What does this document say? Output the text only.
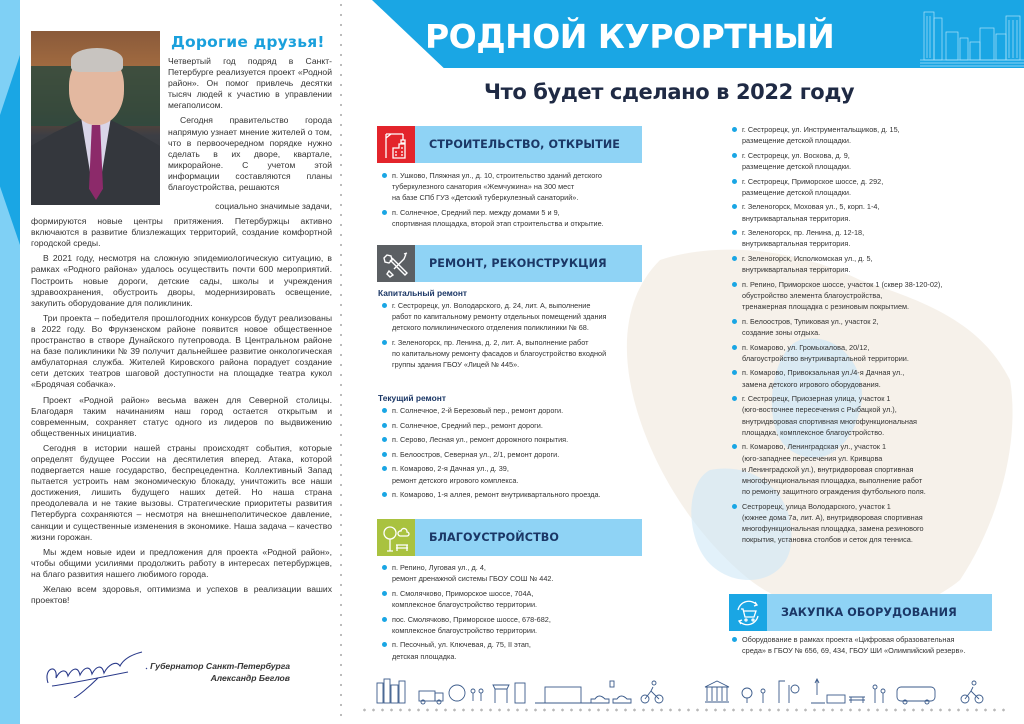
Дорогие друзья!

Четвертый год подряд в Санкт-Петербурге реализуется проект «Родной район». Он помог привлечь десятки тысяч людей к участию в управлении мегаполисом.

Сегодня правительство города напрямую узнает мнение жителей о том, что в первоочередном порядке нужно сделать в их дворе, квартале, микрорайоне. С учетом этой информации составляются планы благоустройства, решаются

социально значимые задачи,

формируются новые центры притяжения. Петербуржцы активно включаются в развитие близлежащих территорий, создание комфортной городской среды.

В 2021 году, несмотря на сложную эпидемиологическую ситуацию, в рамках «Родного района» удалось осуществить почти 600 мероприятий. Построить новые дороги, детские сады, школы и учреждения здравоохранения, обустроить дворы, модернизировать освещение, закупить оборудование для поликлиник.

Три проекта – победителя прошлогодних конкурсов будут реализованы в 2022 году. Во Фрунзенском районе появится новое общественное пространство в створе Дунайского путепровода. В Центральном районе на базе поликлиники № 39 получит дальнейшее развитие онкологическая амбулаторная служба. Жителей Кировского района порадует создание сети детских театров шаговой доступности на площадке театра кукол «Бродячая собачка».

Проект «Родной район» весьма важен для Северной столицы. Благодаря таким начинаниям наш город остается открытым и современным, сохраняет статус одного из лидеров по выдвижению общественных инициатив.

Сегодня в истории нашей страны происходят события, которые определят будущее России на десятилетия вперед. Атака, которой подвергается наше государство, беспрецедентна. Коллективный Запад пытается устроить нам экономическую блокаду, уничтожить все наши достижения, лишить будущего наших детей. Но наша страна преодолевала и не такие вызовы. Стратегические приоритеты развития Петербурга сохраняются – несмотря на внешнеполитическое давление, санкции и существенные изменения в экономике. Наша задача – качество жизни горожан.

Мы ждем новые идеи и предложения для проекта «Родной район», чтобы общими усилиями продолжить работу в интересах петербуржцев, на благо развития нашего любимого города.

Желаю всем здоровья, оптимизма и успехов в реализации ваших проектов!

Губернатор Санкт-Петербурга
Александр Беглов
РОДНОЙ КУРОРТНЫЙ
Что будет сделано в 2022 году
СТРОИТЕЛЬСТВО, ОТКРЫТИЕ
п. Ушково, Пляжная ул., д. 10, строительство зданий детского
туберкулезного санатория «Жемчужина» на 300 мест
на базе СПб ГУЗ «Детский туберкулезный санаторий».
п. Солнечное, Средний пер. между домами 5 и 9,
спортивная площадка, второй этап строительства и открытие.
РЕМОНТ, РЕКОНСТРУКЦИЯ
Капитальный ремонт
г. Сестрорецк, ул. Володарского, д. 24, лит. А, выполнение
работ по капитальному ремонту отдельных помещений здания
детского поликлинического отделения поликлиники № 68.
г. Зеленогорск, пр. Ленина, д. 2, лит. А, выполнение работ
по капитальному ремонту фасадов и благоустройство входной
группы здания ГБОУ «Лицей № 445».
Текущий ремонт
п. Солнечное, 2-й Березовый пер., ремонт дороги.
п. Солнечное, Средний пер., ремонт дороги.
п. Серово, Лесная ул., ремонт дорожного покрытия.
п. Белоостров, Северная ул., 2/1, ремонт дороги.
п. Комарово, 2-я Дачная ул., д. 39,
ремонт детского игрового комплекса.
п. Комарово, 1-я аллея, ремонт внутриквартального проезда.
БЛАГОУСТРОЙСТВО
п. Репино, Луговая ул., д. 4,
ремонт дренажной системы ГБОУ СОШ № 442.
п. Смолячково, Приморское шоссе, 704А,
комплексное благоустройство территории.
пос. Смолячково, Приморское шоссе, 678-682,
комплексное благоустройство территории.
п. Песочный, ул. Ключевая, д. 75, II этап,
детская площадка.
г. Сестрорецк, ул. Инструментальщиков, д. 15,
размещение детской площадки.
г. Сестрорецк, ул. Воскова, д. 9,
размещение детской площадки.
г. Сестрорецк, Приморское шоссе, д. 292,
размещение детской площадки.
г. Зеленогорск, Моховая ул., 5, корп. 1-4,
внутриквартальная территория.
г. Зеленогорск, пр. Ленина, д. 12-18,
внутриквартальная территория.
г. Зеленогорск, Исполкомская ул., д. 5,
внутриквартальная территория.
п. Репино, Приморское шоссе, участок 1 (сквер 38-120-02),
обустройство элемента благоустройства,
тренажерная площадка с резиновым покрытием.
п. Белоостров, Тупиковая ул., участок 2,
создание зоны отдыха.
п. Комарово, ул. Громыхалова, 20/12,
благоустройство внутриквартальной территории.
п. Комарово, Привокзальная ул./4-я Дачная ул.,
замена детского игрового оборудования.
г. Сестрорецк, Приозерная улица, участок 1
(юго-восточнее пересечения с Рыбацкой ул.),
внутридворовая спортивная многофункциональная
площадка, комплексное благоустройство.
п. Комарово, Ленинградская ул., участок 1
(юго-западнее пересечения ул. Кривцова
и Ленинградской ул.), внутридворовая спортивная
многофункциональная площадка, выполнение работ
по ремонту защитного ограждения футбольного поля.
Сестрорецк, улица Володарского, участок 1
(южнее дома 7а, лит. А), внутридворовая спортивная
многофункциональная площадка, замена резинового
покрытия, установка столбов и сеток для тенниса.
ЗАКУПКА ОБОРУДОВАНИЯ
Оборудование в рамках проекта «Цифровая образовательная
среда» в ГБОУ № 656, 69, 434, ГБОУ ШИ «Олимпийский резерв».
